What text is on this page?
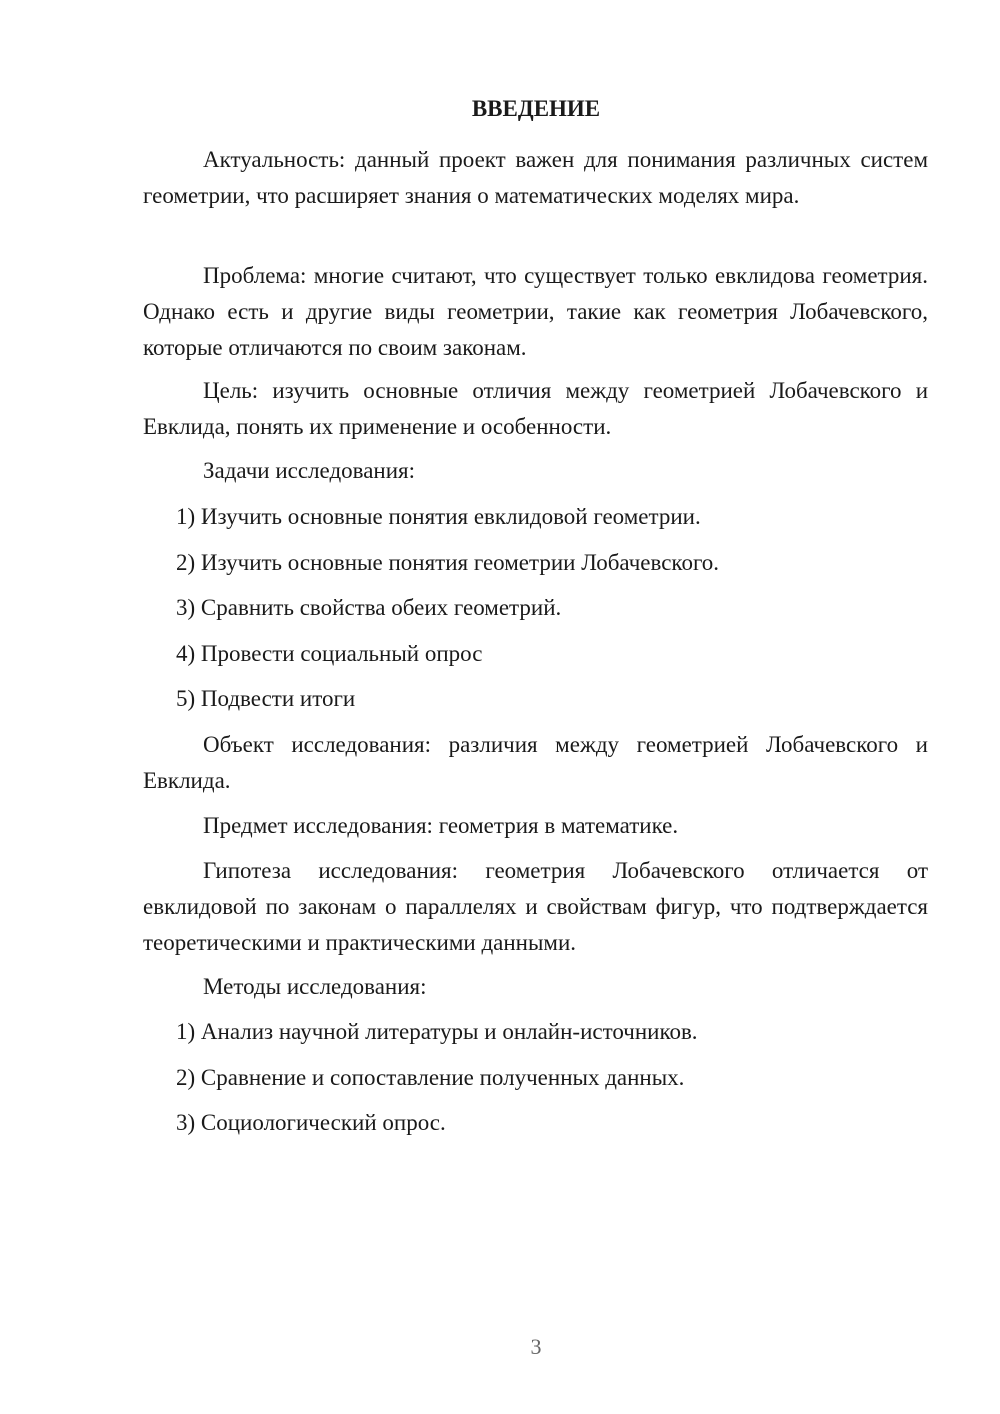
ВВЕДЕНИЕ
Актуальность: данный проект важен для понимания различных систем геометрии, что расширяет знания о математических моделях мира.
Проблема: многие считают, что существует только евклидова геометрия. Однако есть и другие виды геометрии, такие как геометрия Лобачевского, которые отличаются по своим законам.
Цель: изучить основные отличия между геометрией Лобачевского и Евклида, понять их применение и особенности.
Задачи исследования:
1) Изучить основные понятия евклидовой геометрии.
2) Изучить основные понятия геометрии Лобачевского.
3) Сравнить свойства обеих геометрий.
4) Провести социальный опрос
5) Подвести итоги
Объект исследования: различия между геометрией Лобачевского и Евклида.
Предмет исследования: геометрия в математике.
Гипотеза исследования: геометрия Лобачевского отличается от евклидовой по законам о параллелях и свойствам фигур, что подтверждается теоретическими и практическими данными.
Методы исследования:
1) Анализ научной литературы и онлайн-источников.
2) Сравнение и сопоставление полученных данных.
3) Социологический опрос.
3
